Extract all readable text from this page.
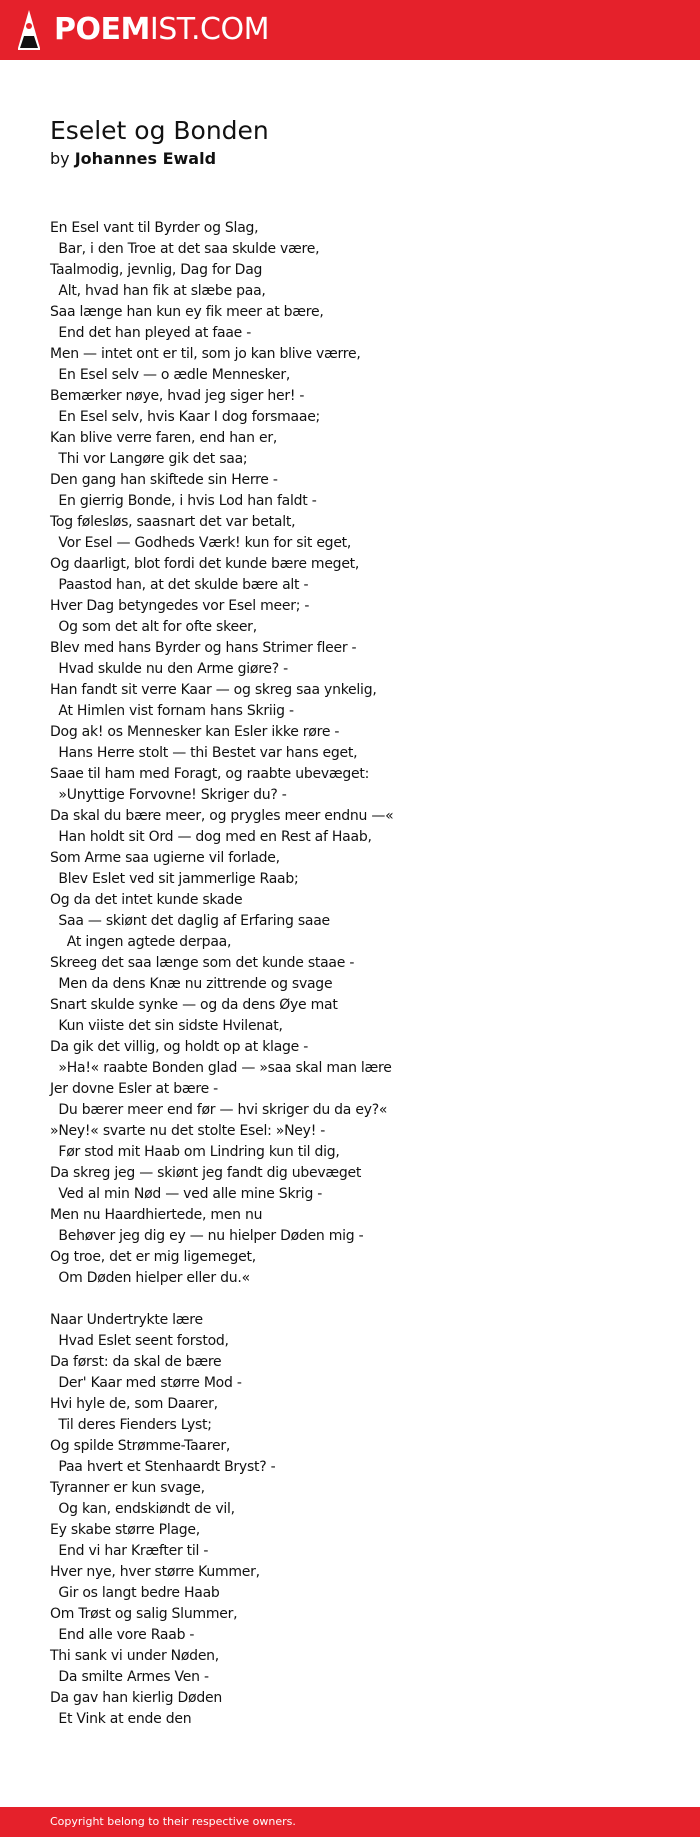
POEMIST.COM
Eselet og Bonden
by Johannes Ewald
En Esel vant til Byrder og Slag,
Bar, i den Troe at det saa skulde være,
Taalmodig, jevnlig, Dag for Dag
Alt, hvad han fik at slæbe paa,
Saa længe han kun ey fik meer at bære,
End det han pleyed at faae -
Men — intet ont er til, som jo kan blive værre,
En Esel selv — o ædle Mennesker,
Bemærker nøye, hvad jeg siger her! -
En Esel selv, hvis Kaar I dog forsmaae;
Kan blive verre faren, end han er,
Thi vor Langøre gik det saa;
Den gang han skiftede sin Herre -
En gierrig Bonde, i hvis Lod han faldt -
Tog følesløs, saasnart det var betalt,
Vor Esel — Godheds Værk! kun for sit eget,
Og daarligt, blot fordi det kunde bære meget,
Paastod han, at det skulde bære alt -
Hver Dag betyngedes vor Esel meer; -
Og som det alt for ofte skeer,
Blev med hans Byrder og hans Strimer fleer -
Hvad skulde nu den Arme giøre? -
Han fandt sit verre Kaar — og skreg saa ynkelig,
At Himlen vist fornam hans Skriig -
Dog ak! os Mennesker kan Esler ikke røre -
Hans Herre stolt — thi Bestet var hans eget,
Saae til ham med Foragt, og raabte ubevæget:
»Unyttige Forvovne! Skriger du? -
Da skal du bære meer, og prygles meer endnu —«
Han holdt sit Ord — dog med en Rest af Haab,
Som Arme saa ugierne vil forlade,
Blev Eslet ved sit jammerlige Raab;
Og da det intet kunde skade
Saa — skiønt det daglig af Erfaring saae
At ingen agtede derpaa,
Skreeg det saa længe som det kunde staae -
Men da dens Knæ nu zittrende og svage
Snart skulde synke — og da dens Øye mat
Kun viiste det sin sidste Hvilenat,
Da gik det villig, og holdt op at klage -
»Ha!« raabte Bonden glad — »saa skal man lære
Jer dovne Esler at bære -
Du bærer meer end før — hvi skriger du da ey?«
»Ney!« svarte nu det stolte Esel: »Ney! -
Før stod mit Haab om Lindring kun til dig,
Da skreg jeg — skiønt jeg fandt dig ubevæget
Ved al min Nød — ved alle mine Skrig -
Men nu Haardhiertede, men nu
Behøver jeg dig ey — nu hielper Døden mig -
Og troe, det er mig ligemeget,
Om Døden hielper eller du.«

Naar Undertrykte lære
Hvad Eslet seent forstod,
Da først: da skal de bære
Der' Kaar med større Mod -
Hvi hyle de, som Daarer,
Til deres Fienders Lyst;
Og spilde Strømme-Taarer,
Paa hvert et Stenhaardt Bryst? -
Tyranner er kun svage,
Og kan, endskiøndt de vil,
Ey skabe større Plage,
End vi har Kræfter til -
Hver nye, hver større Kummer,
Gir os langt bedre Haab
Om Trøst og salig Slummer,
End alle vore Raab -
Thi sank vi under Nøden,
Da smilte Armes Ven -
Da gav han kierlig Døden
Et Vink at ende den
Copyright belong to their respective owners.
